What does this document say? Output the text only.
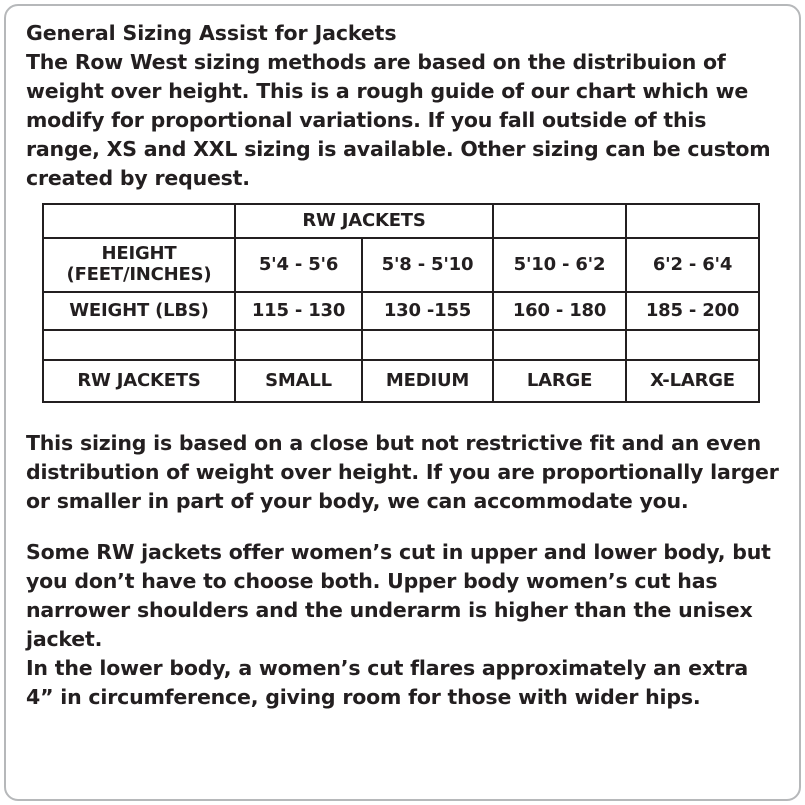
General Sizing Assist for Jackets
The Row West sizing methods are based on the distribuion of weight over height. This is a rough guide of our chart which we modify for proportional variations. If you fall outside of this range, XS and XXL sizing is available. Other sizing can be custom created by request.
	RW JACKETS			
HEIGHT
(FEET/INCHES)	5'4 - 5'6	5'8 - 5'10	5'10 - 6'2	6'2 - 6'4
WEIGHT (LBS)	115 - 130	130 -155	160 - 180	185 - 200

RW JACKETS	SMALL	MEDIUM	LARGE	X-LARGE
This sizing is based on a close but not restrictive fit and an even distribution of weight over height. If you are proportionally larger or smaller in part of your body, we can accommodate you.
Some RW jackets offer women’s cut in upper and lower body, but you don’t have to choose both. Upper body women’s cut has narrower shoulders and the underarm is higher than the unisex jacket.
In the lower body, a women’s cut flares approximately an extra 4” in circumference, giving room for those with wider hips.
